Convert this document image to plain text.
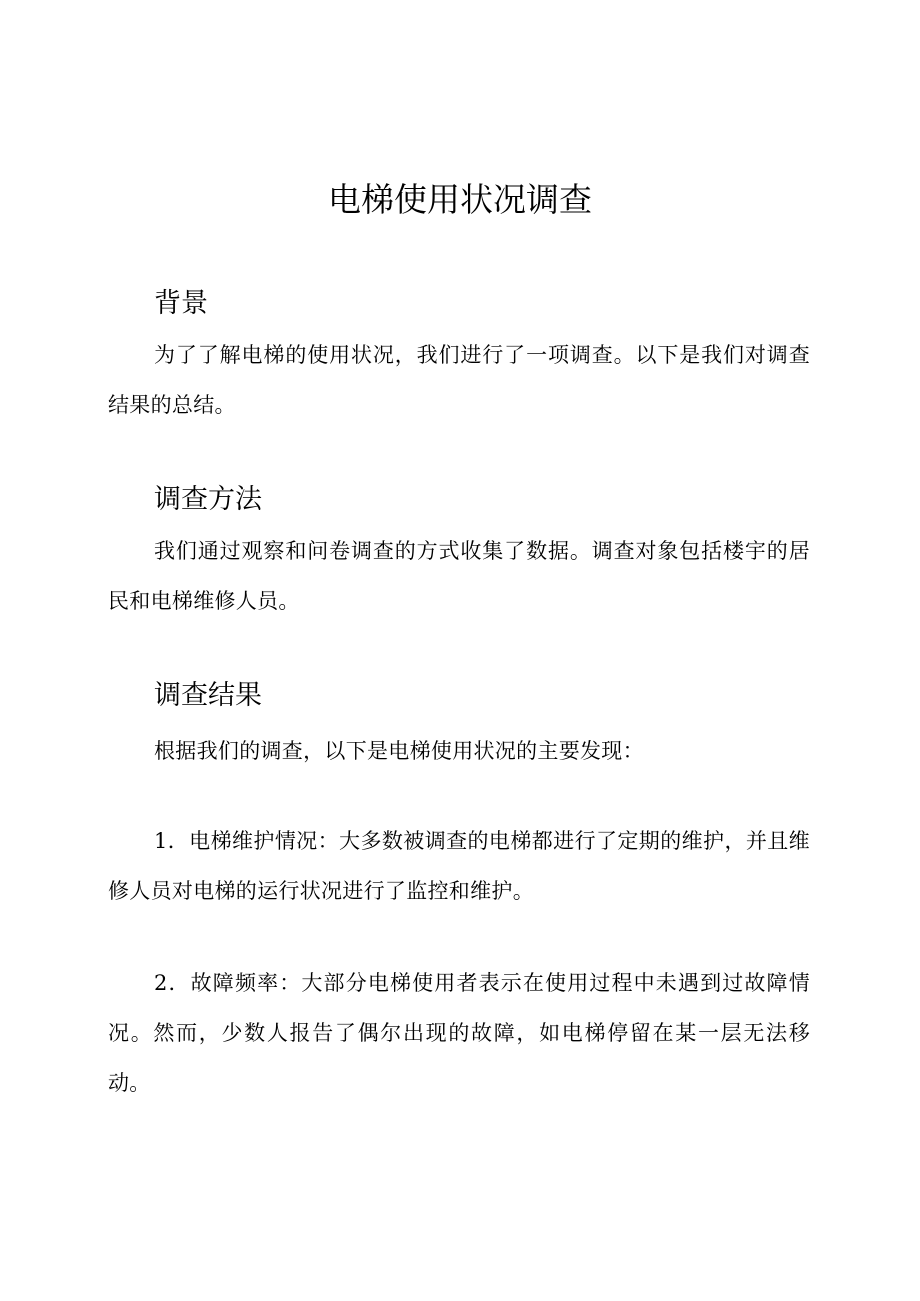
电梯使用状况调查
背景

为了了解电梯的使用状况，我们进行了一项调查。以下是我们对调查结果的总结。

调查方法

我们通过观察和问卷调查的方式收集了数据。调查对象包括楼宇的居民和电梯维修人员。

调查结果

根据我们的调查，以下是电梯使用状况的主要发现：

1．电梯维护情况：大多数被调查的电梯都进行了定期的维护，并且维修人员对电梯的运行状况进行了监控和维护。

2．故障频率：大部分电梯使用者表示在使用过程中未遇到过故障情况。然而，少数人报告了偶尔出现的故障，如电梯停留在某一层无法移动。
